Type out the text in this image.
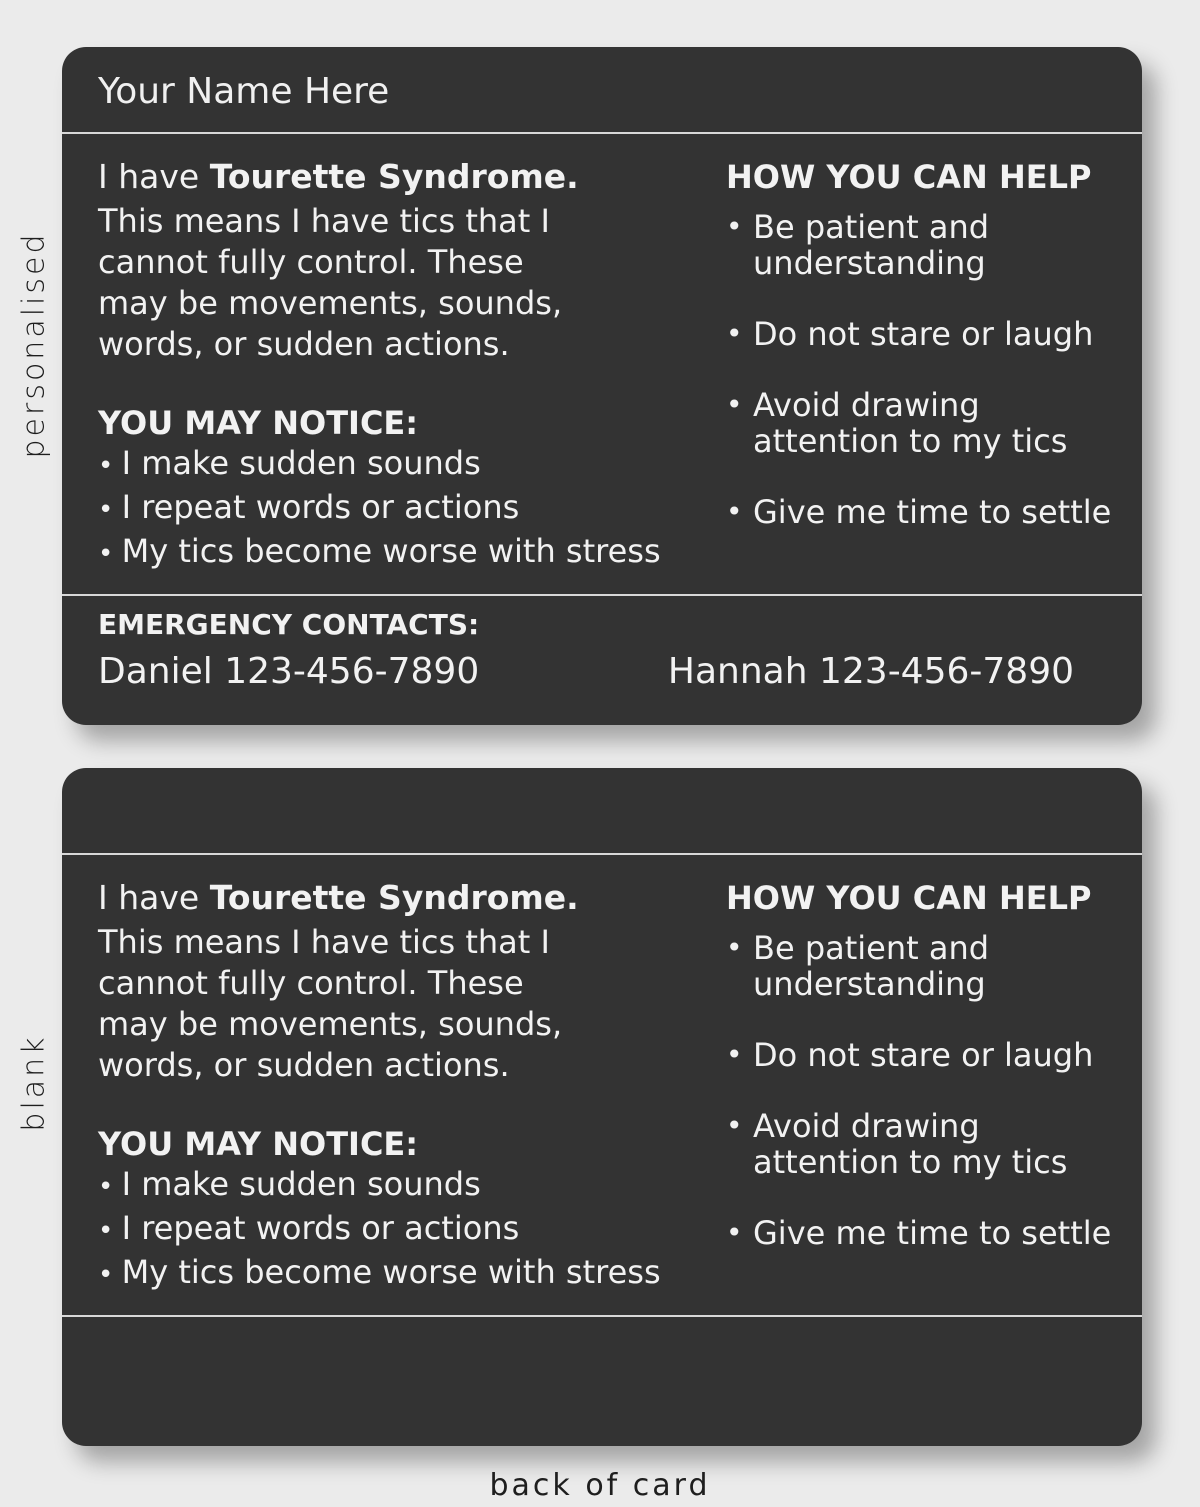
personalised
Your Name Here
I have Tourette Syndrome.
This means I have tics that I
cannot fully control. These
may be movements, sounds,
words, or sudden actions.
YOU MAY NOTICE:
• I make sudden sounds
• I repeat words or actions
• My tics become worse with stress
HOW YOU CAN HELP
• Be patient and understanding
• Do not stare or laugh
• Avoid drawing attention to my tics
• Give me time to settle
EMERGENCY CONTACTS:
Daniel 123-456-7890	Hannah 123-456-7890
blank
I have Tourette Syndrome.
This means I have tics that I
cannot fully control. These
may be movements, sounds,
words, or sudden actions.
YOU MAY NOTICE:
• I make sudden sounds
• I repeat words or actions
• My tics become worse with stress
HOW YOU CAN HELP
• Be patient and understanding
• Do not stare or laugh
• Avoid drawing attention to my tics
• Give me time to settle
back of card
